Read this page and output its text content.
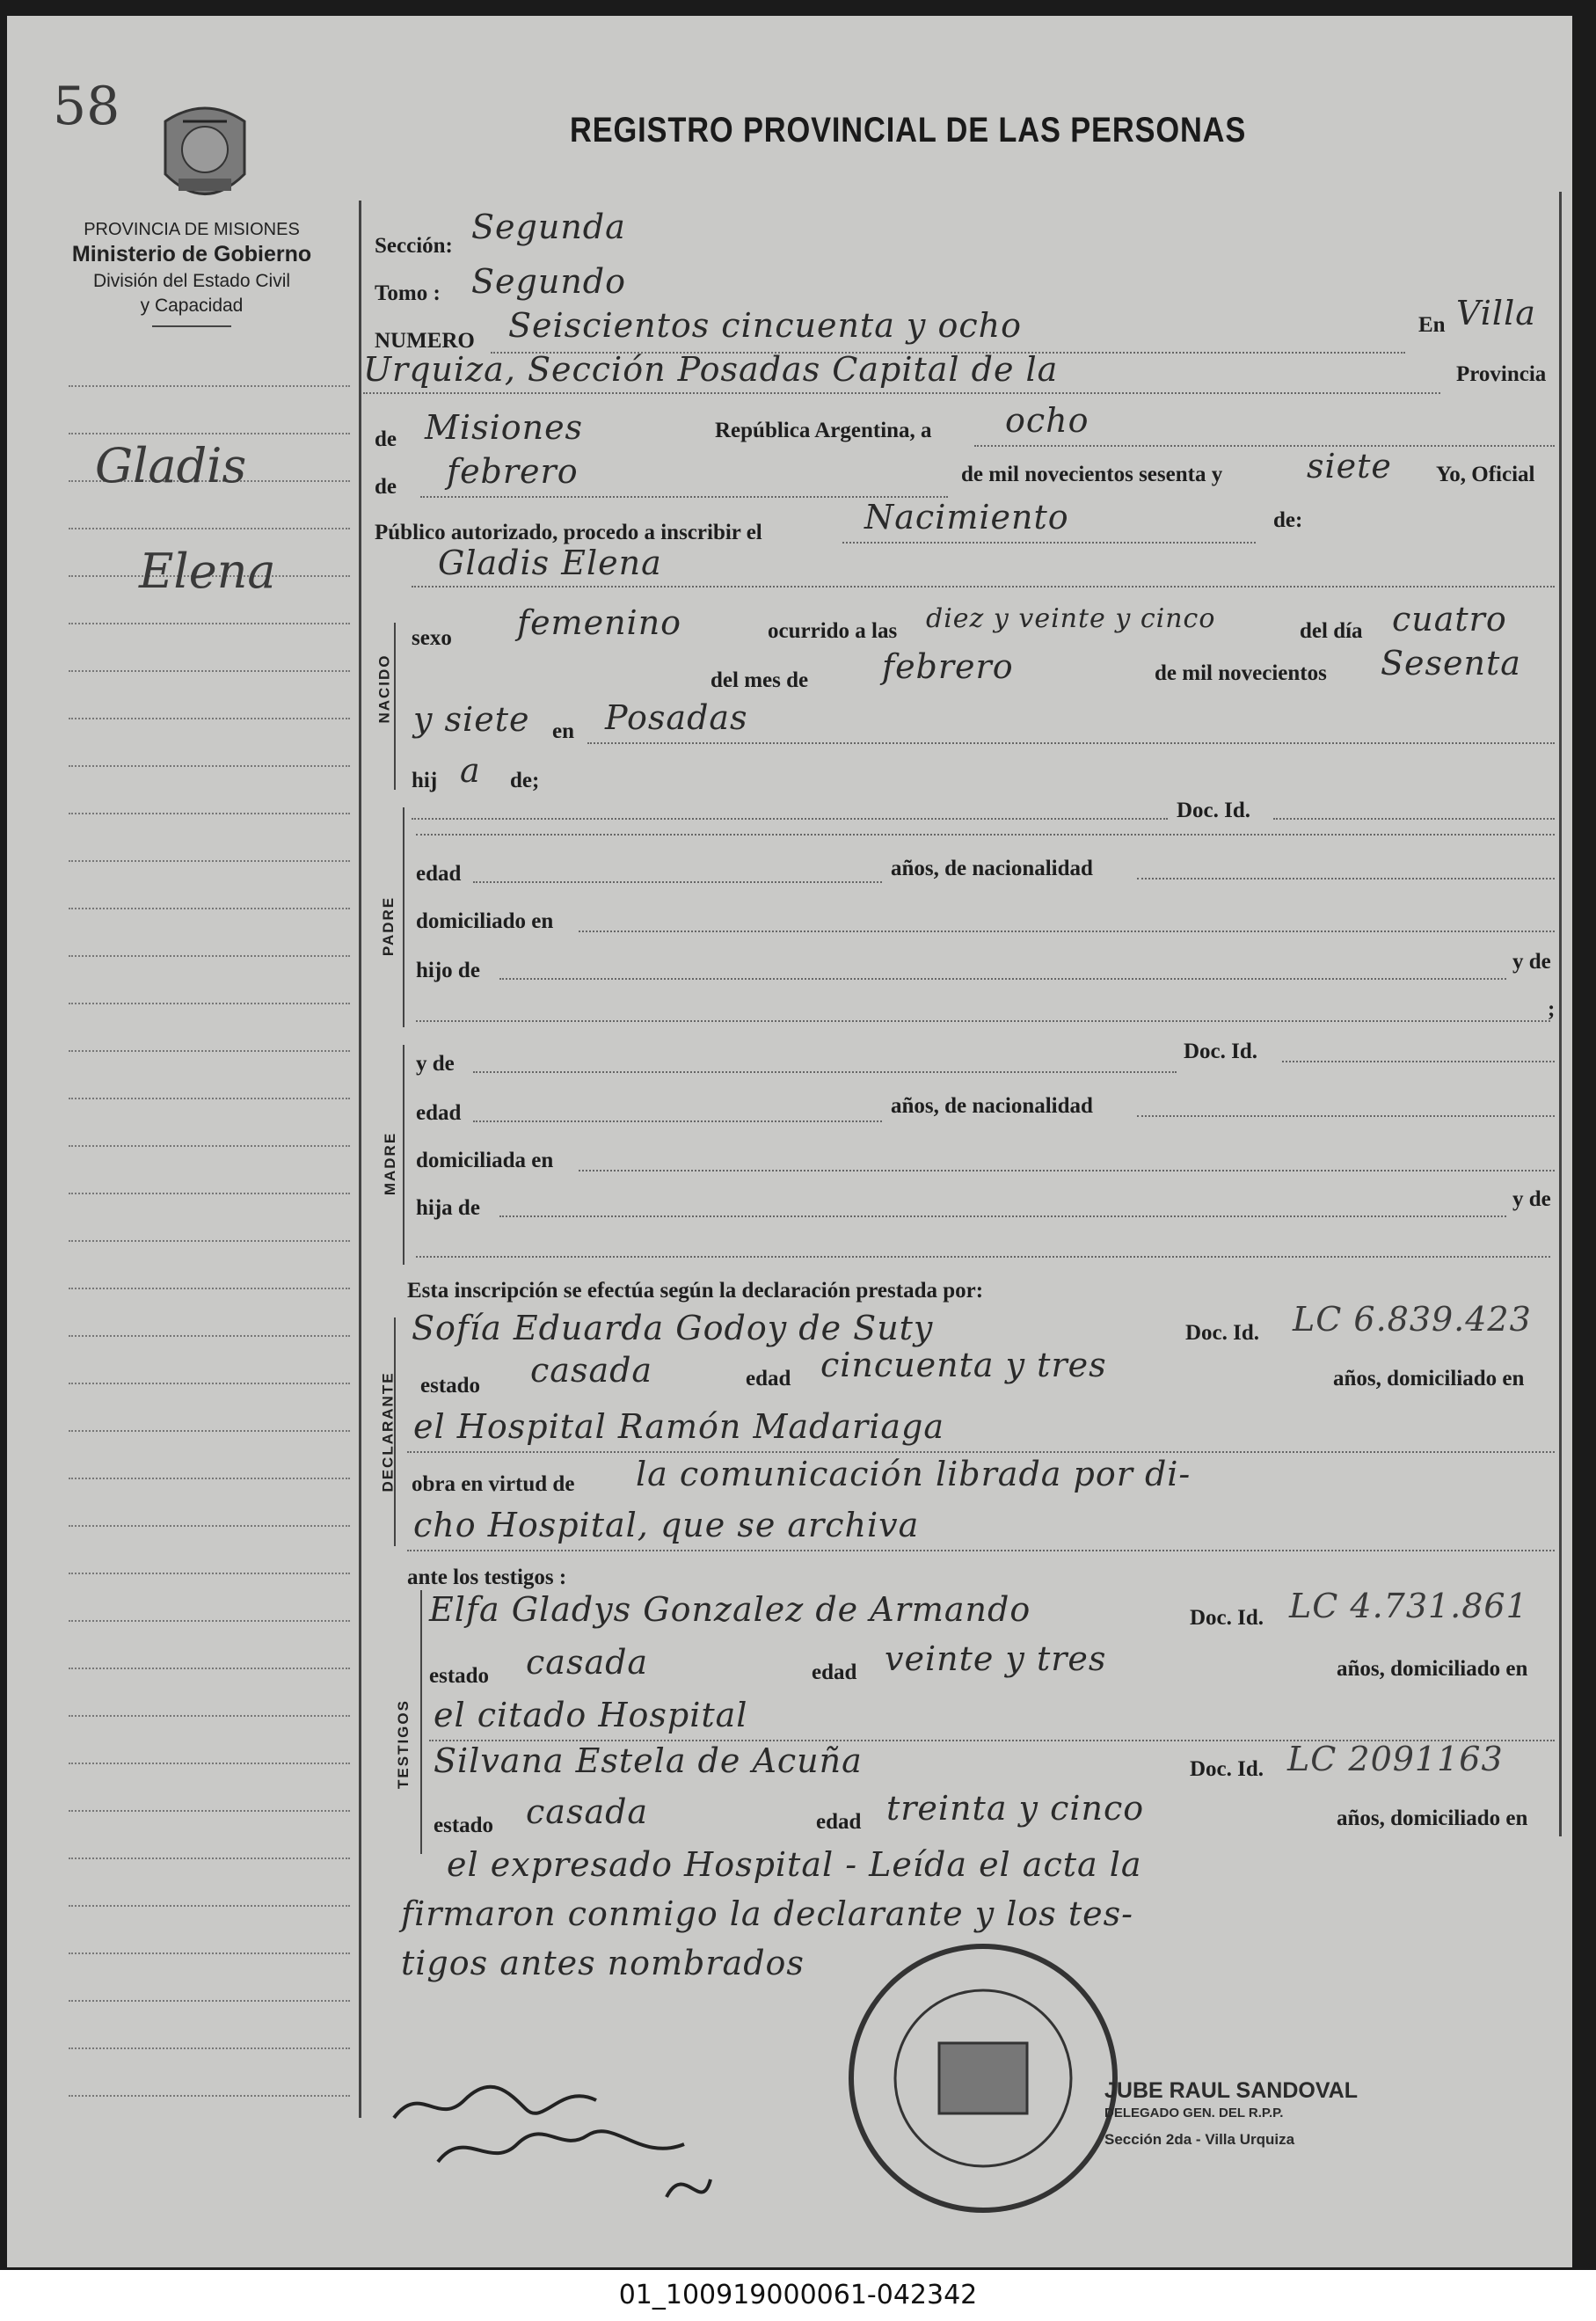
58	REGISTRO PROVINCIAL DE LAS PERSONAS
PROVINCIA DE MISIONES
Ministerio de Gobierno
División del Estado Civil
y Capacidad
Gladis
Elena
NACIDO
PADRE
MADRE
DECLARANTE
TESTIGOS
Sección: Segunda
Tomo : Segundo
NUMERO Seiscientos cincuenta y ocho	En Villa
Urquiza, Sección Posadas Capital de la	Provincia
de Misiones	República Argentina, a ocho
de febrero	de mil novecientos sesenta y	siete Yo, Oficial
Público autorizado, procedo a inscribir el	Nacimiento	de:
Gladis Elena
sexo femenino	ocurrido a las diez y veinte y cinco	del día cuatro
del mes de febrero	de mil novecientos Sesenta
y siete en Posadas
hij a de;
Doc. Id.
edad	años, de nacionalidad
domiciliado en
hijo de	y de
;
y de
Doc. Id.
edad	años, de nacionalidad
domiciliada en
hija de	y de
Esta inscripción se efectúa según la declaración prestada por:
Sofía Eduarda Godoy de Suty	Doc. Id. LC 6.839.423
estado casada	edad cincuenta y tres	años, domiciliado en
el Hospital Ramón Madariaga
obra en virtud de la comunicación librada por di-
cho Hospital, que se archiva
ante los testigos :
Elfa Gladys Gonzalez de Armando	Doc. Id. LC 4.731.861
estado casada	edad veinte y tres	años, domiciliado en
el citado Hospital
Silvana Estela de Acuña	Doc. Id. LC 2091163
estado casada	edad treinta y cinco	años, domiciliado en
el expresado Hospital - Leída el acta la
firmaron conmigo la declarante y los tes-
tigos antes nombrados
JUBE RAUL SANDOVAL
DELEGADO GEN. DEL R.P.P.
Sección 2da - Villa Urquiza
01_100919000061-042342
